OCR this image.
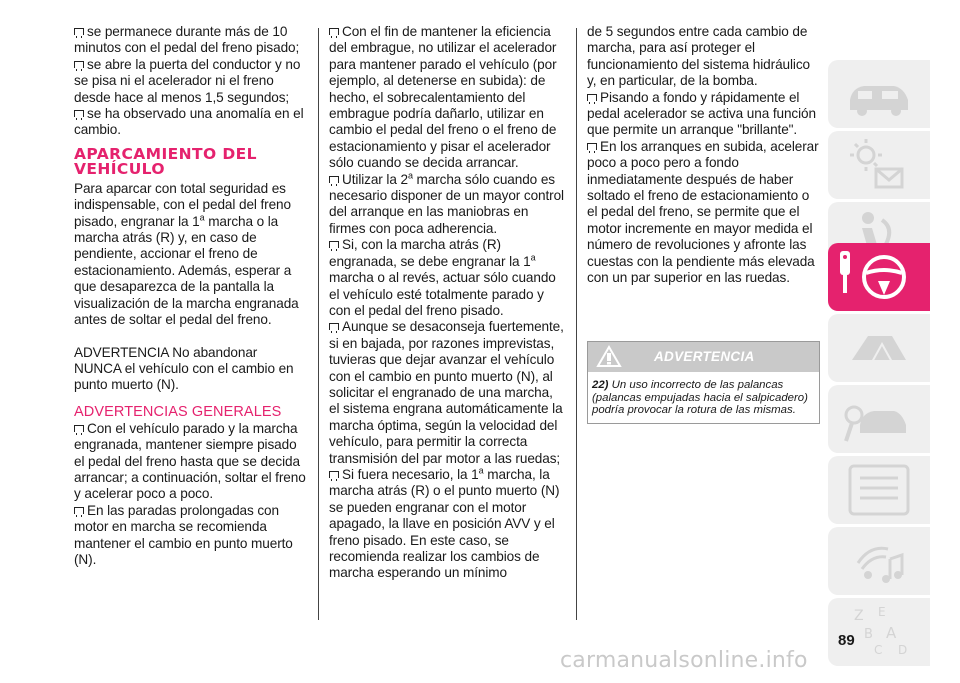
se permanece durante más de 10 minutos con el pedal del freno pisado;

se abre la puerta del conductor y no se pisa ni el acelerador ni el freno desde hace al menos 1,5 segundos;

se ha observado una anomalía en el cambio.

APARCAMIENTO DEL VEHÍCULO

Para aparcar con total seguridad es indispensable, con el pedal del freno pisado, engranar la 1$^a$ marcha o la marcha atrás (R) y, en caso de pendiente, accionar el freno de estacionamiento. Además, esperar a que desaparezca de la pantalla la visualización de la marcha engranada antes de soltar el pedal del freno.

ADVERTENCIA No abandonar NUNCA el vehículo con el cambio en punto muerto (N).

ADVERTENCIAS GENERALES

Con el vehículo parado y la marcha engranada, mantener siempre pisado el pedal del freno hasta que se decida arrancar; a continuación, soltar el freno y acelerar poco a poco.

En las paradas prolongadas con motor en marcha se recomienda mantener el cambio en punto muerto (N).

Con el fin de mantener la eficiencia del embrague, no utilizar el acelerador para mantener parado el vehículo (por ejemplo, al detenerse en subida): de hecho, el sobrecalentamiento del embrague podría dañarlo, utilizar en cambio el pedal del freno o el freno de estacionamiento y pisar el acelerador sólo cuando se decida arrancar.

Utilizar la 2$^a$ marcha sólo cuando es necesario disponer de un mayor control del arranque en las maniobras en firmes con poca adherencia.

Si, con la marcha atrás (R) engranada, se debe engranar la 1$^a$ marcha o al revés, actuar sólo cuando el vehículo esté totalmente parado y con el pedal del freno pisado.

Aunque se desaconseja fuertemente, si en bajada, por razones imprevistas, tuvieras que dejar avanzar el vehículo con el cambio en punto muerto (N), al solicitar el engranado de una marcha, el sistema engrana automáticamente la marcha óptima, según la velocidad del vehículo, para permitir la correcta transmisión del par motor a las ruedas;

Si fuera necesario, la 1$^a$ marcha, la marcha atrás (R) o el punto muerto (N) se pueden engranar con el motor apagado, la llave en posición AVV y el freno pisado. En este caso, se recomienda realizar los cambios de marcha esperando un mínimo

de 5 segundos entre cada cambio de marcha, para así proteger el funcionamiento del sistema hidráulico y, en particular, de la bomba.

Pisando a fondo y rápidamente el pedal acelerador se activa una función que permite un arranque "brillante".

En los arranques en subida, acelerar poco a poco pero a fondo inmediatamente después de haber soltado el freno de estacionamiento o el pedal del freno, se permite que el motor incremente en mayor medida el número de revoluciones y afronte las cuestas con la pendiente más elevada con un par superior en las ruedas.

ADVERTENCIA
22) Un uso incorrecto de las palancas (palancas empujadas hacia el salpicadero) podría provocar la rotura de las mismas.
Z E
B A
C D
89
carmanualsonline.info
